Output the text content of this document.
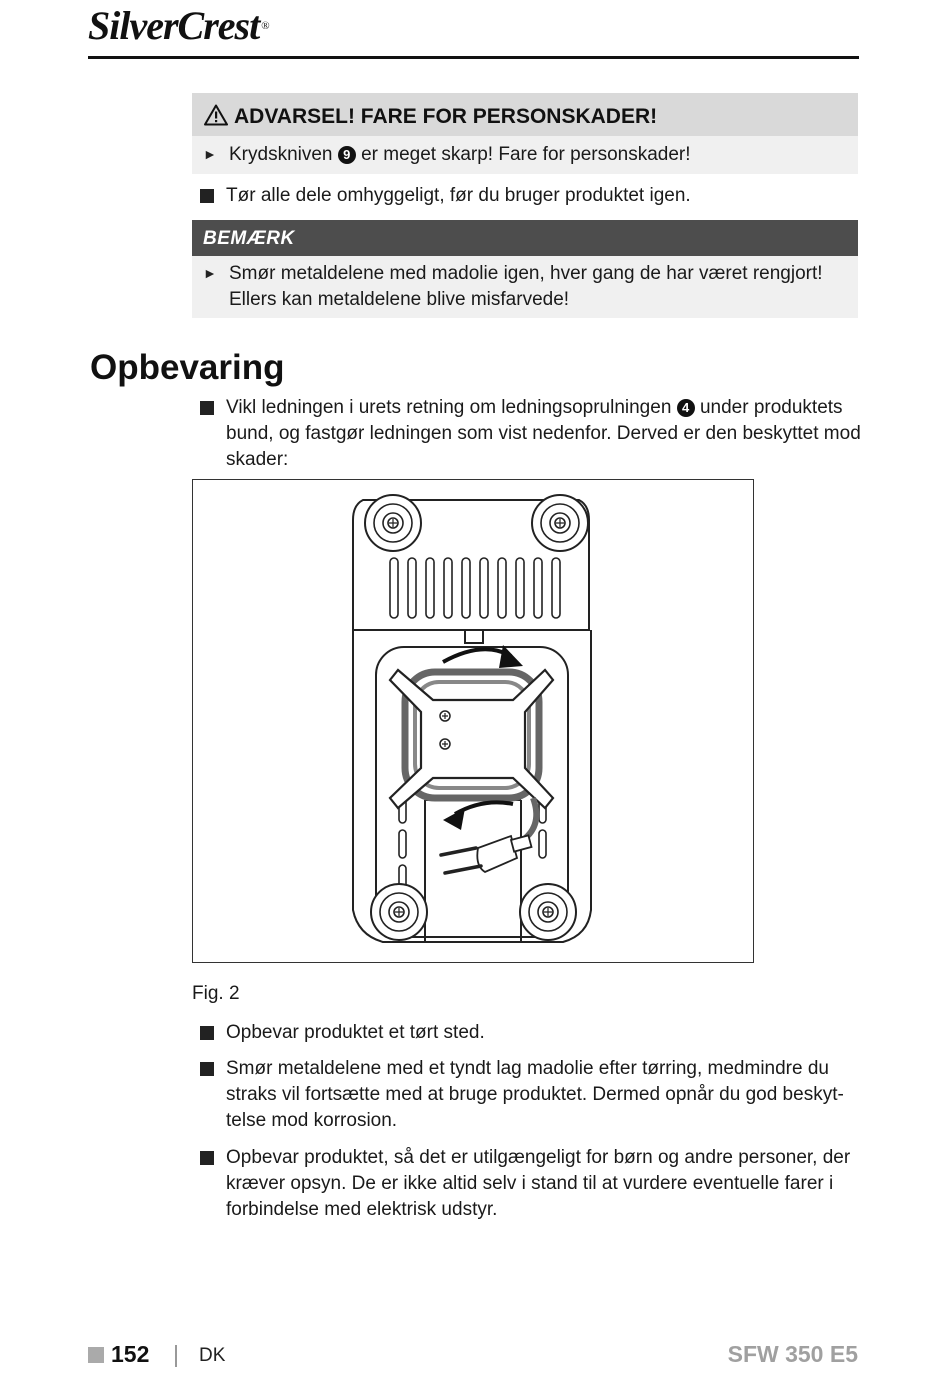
SilverCrest ®
ADVARSEL! FARE FOR PERSONSKADER!
► Krydskniven 9 er meget skarp! Fare for personskader!
Tør alle dele omhyggeligt, før du bruger produktet igen.
BEMÆRK
► Smør metaldelene med madolie igen, hver gang de har været rengjort!
Ellers kan metaldelene blive misfarvede!
Opbevaring
Vikl ledningen i urets retning om ledningsoprulningen 4 under produktets
bund, og fastgør ledningen som vist nedenfor. Derved er den beskyttet mod
skader:
Fig. 2
Opbevar produktet et tørt sted.
Smør metaldelene med et tyndt lag madolie efter tørring, medmindre du
straks vil fortsætte med at bruge produktet. Dermed opnår du god beskyt-
telse mod korrosion.
Opbevar produktet, så det er utilgængeligt for børn og andre personer, der
kræver opsyn. De er ikke altid selv i stand til at vurdere eventuelle farer i
forbindelse med elektrisk udstyr.
152	DK	SFW 350 E5
